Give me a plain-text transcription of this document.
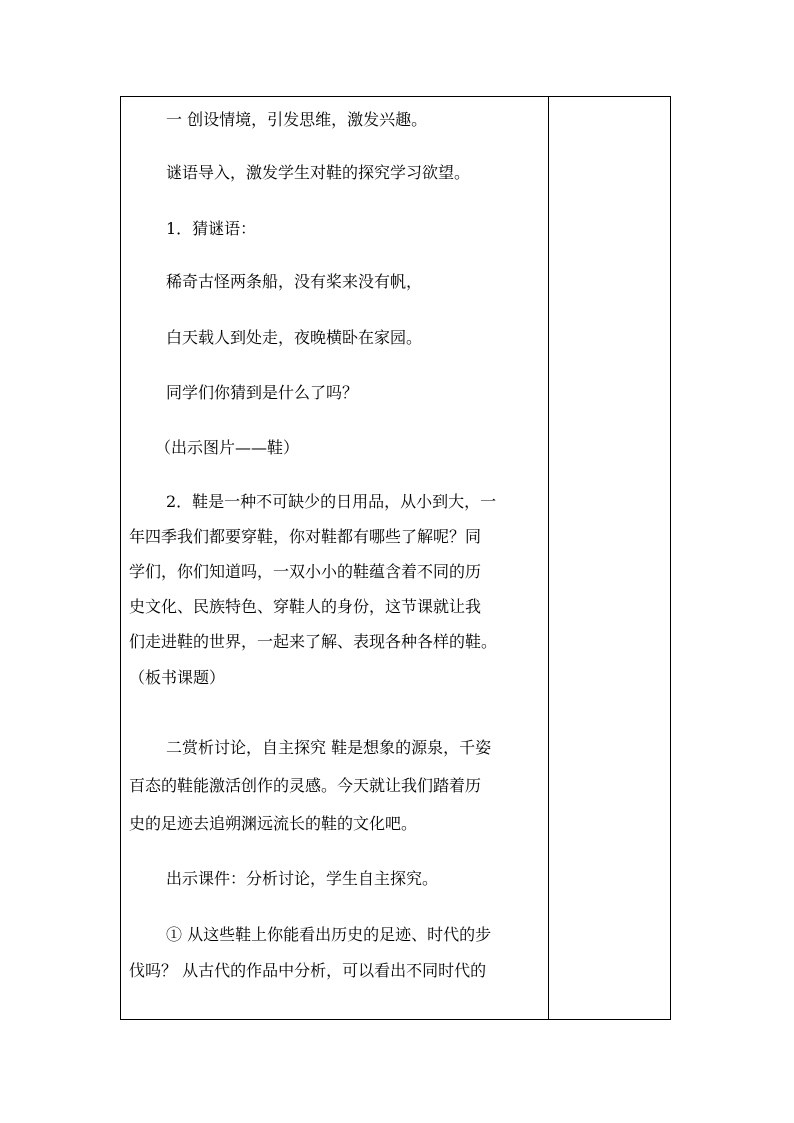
一 创设情境，引发思维，激发兴趣。
谜语导入，激发学生对鞋的探究学习欲望。
1．猜谜语：
稀奇古怪两条船，没有桨来没有帆，
白天载人到处走，夜晚横卧在家园。
同学们你猜到是什么了吗？
（出示图片——鞋）
2．鞋是一种不可缺少的日用品，从小到大，一
年四季我们都要穿鞋，你对鞋都有哪些了解呢？同
学们，你们知道吗，一双小小的鞋蕴含着不同的历
史文化、民族特色、穿鞋人的身份，这节课就让我
们走进鞋的世界，一起来了解、表现各种各样的鞋。
（板书课题）
二赏析讨论，自主探究 鞋是想象的源泉，千姿
百态的鞋能激活创作的灵感。今天就让我们踏着历
史的足迹去追朔渊远流长的鞋的文化吧。
出示课件：分析讨论，学生自主探究。
① 从这些鞋上你能看出历史的足迹、时代的步
伐吗？ 从古代的作品中分析，可以看出不同时代的
